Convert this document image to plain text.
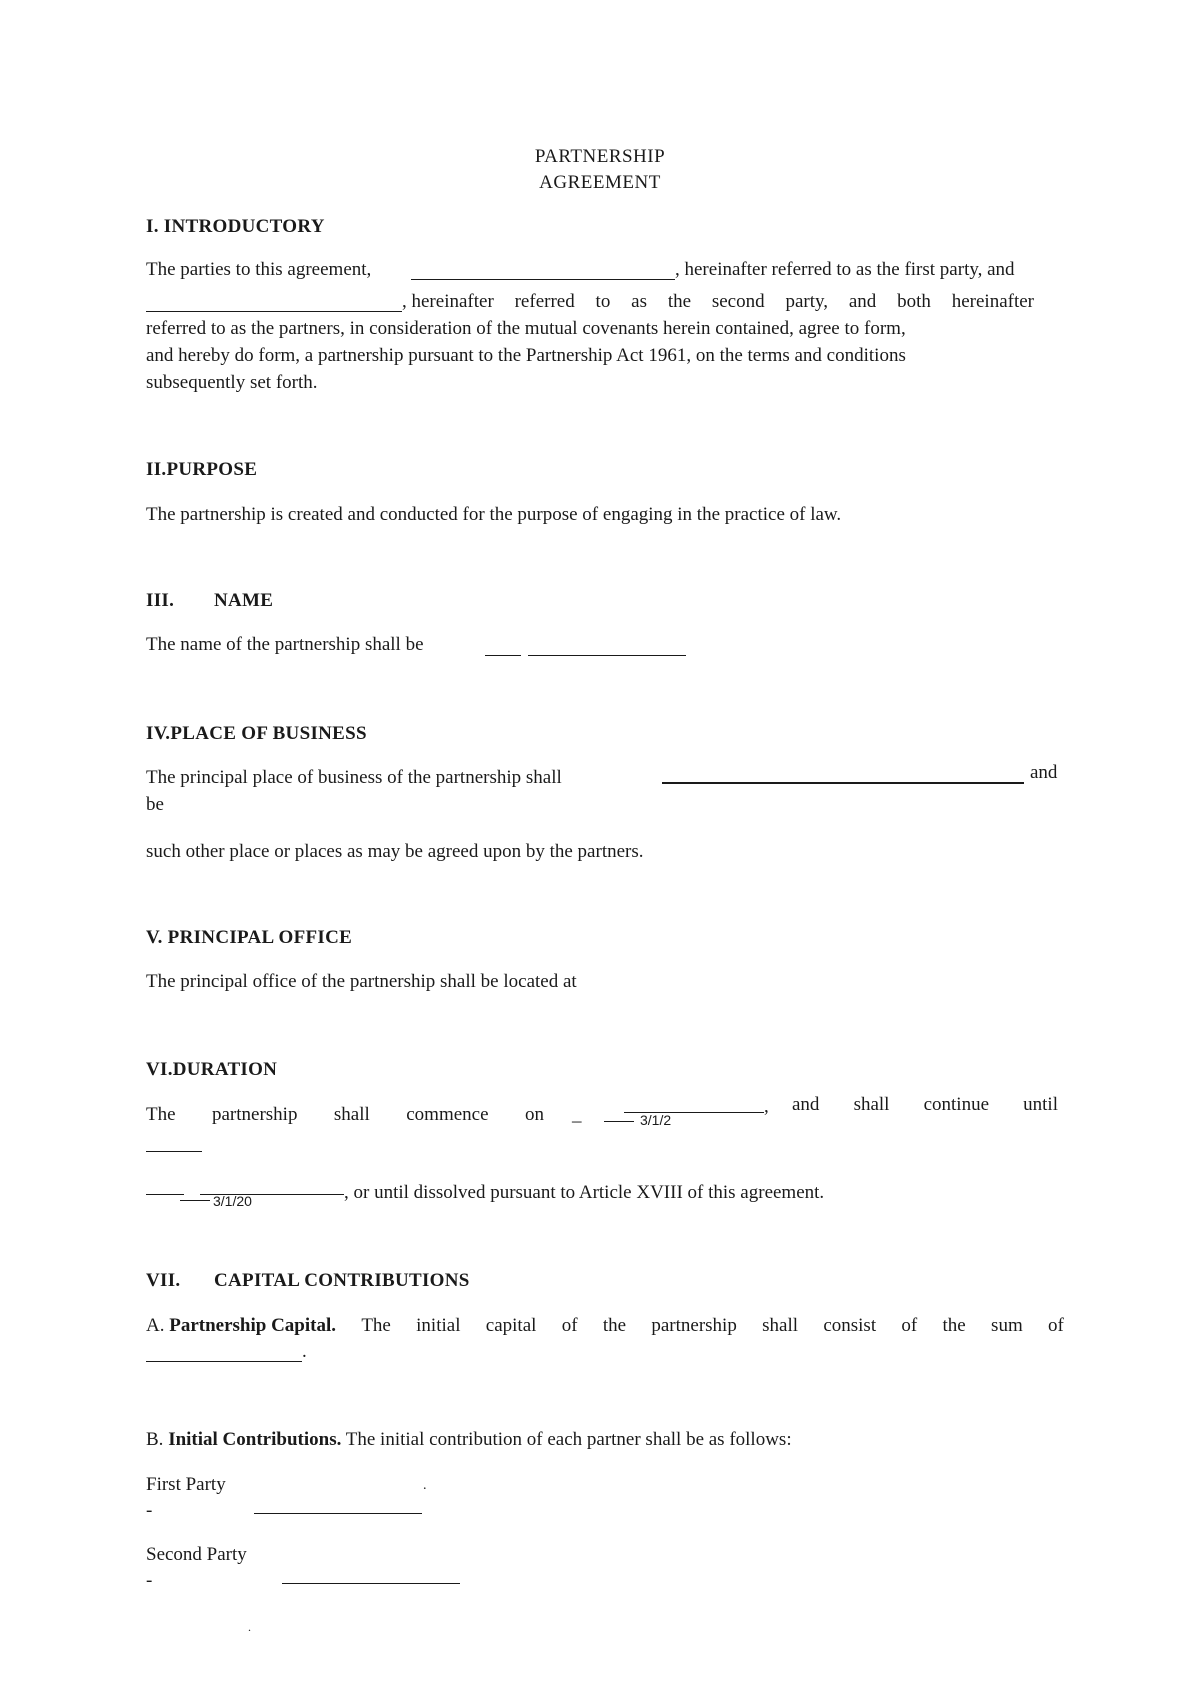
PARTNERSHIP
AGREEMENT
I. INTRODUCTORY
The parties to this agreement,	, hereinafter referred to as the first party, and
, hereinafter referred to as the second party, and both hereinafter
referred to as the partners, in consideration of the mutual covenants herein contained, agree to form,
and hereby do form, a partnership pursuant to the Partnership Act 1961, on the terms and conditions
subsequently set forth.
II.PURPOSE
The partnership is created and conducted for the purpose of engaging in the practice of law.
III. NAME
The name of the partnership shall be
IV.PLACE OF BUSINESS
The principal place of business of the partnership shall	and
be
such other place or places as may be agreed upon by the partners.
V. PRINCIPAL OFFICE
The principal office of the partnership shall be located at
VI.DURATION
The partnership shall commence on _	3/1/2
, and shall continue until
3/1/20	, or until dissolved pursuant to Article XVIII of this agreement.
VII. CAPITAL CONTRIBUTIONS
A. Partnership Capital. The initial capital of the partnership shall consist of the sum of
.
B. Initial Contributions. The initial contribution of each partner shall be as follows:
First Party	.
-
Second Party
-
.
